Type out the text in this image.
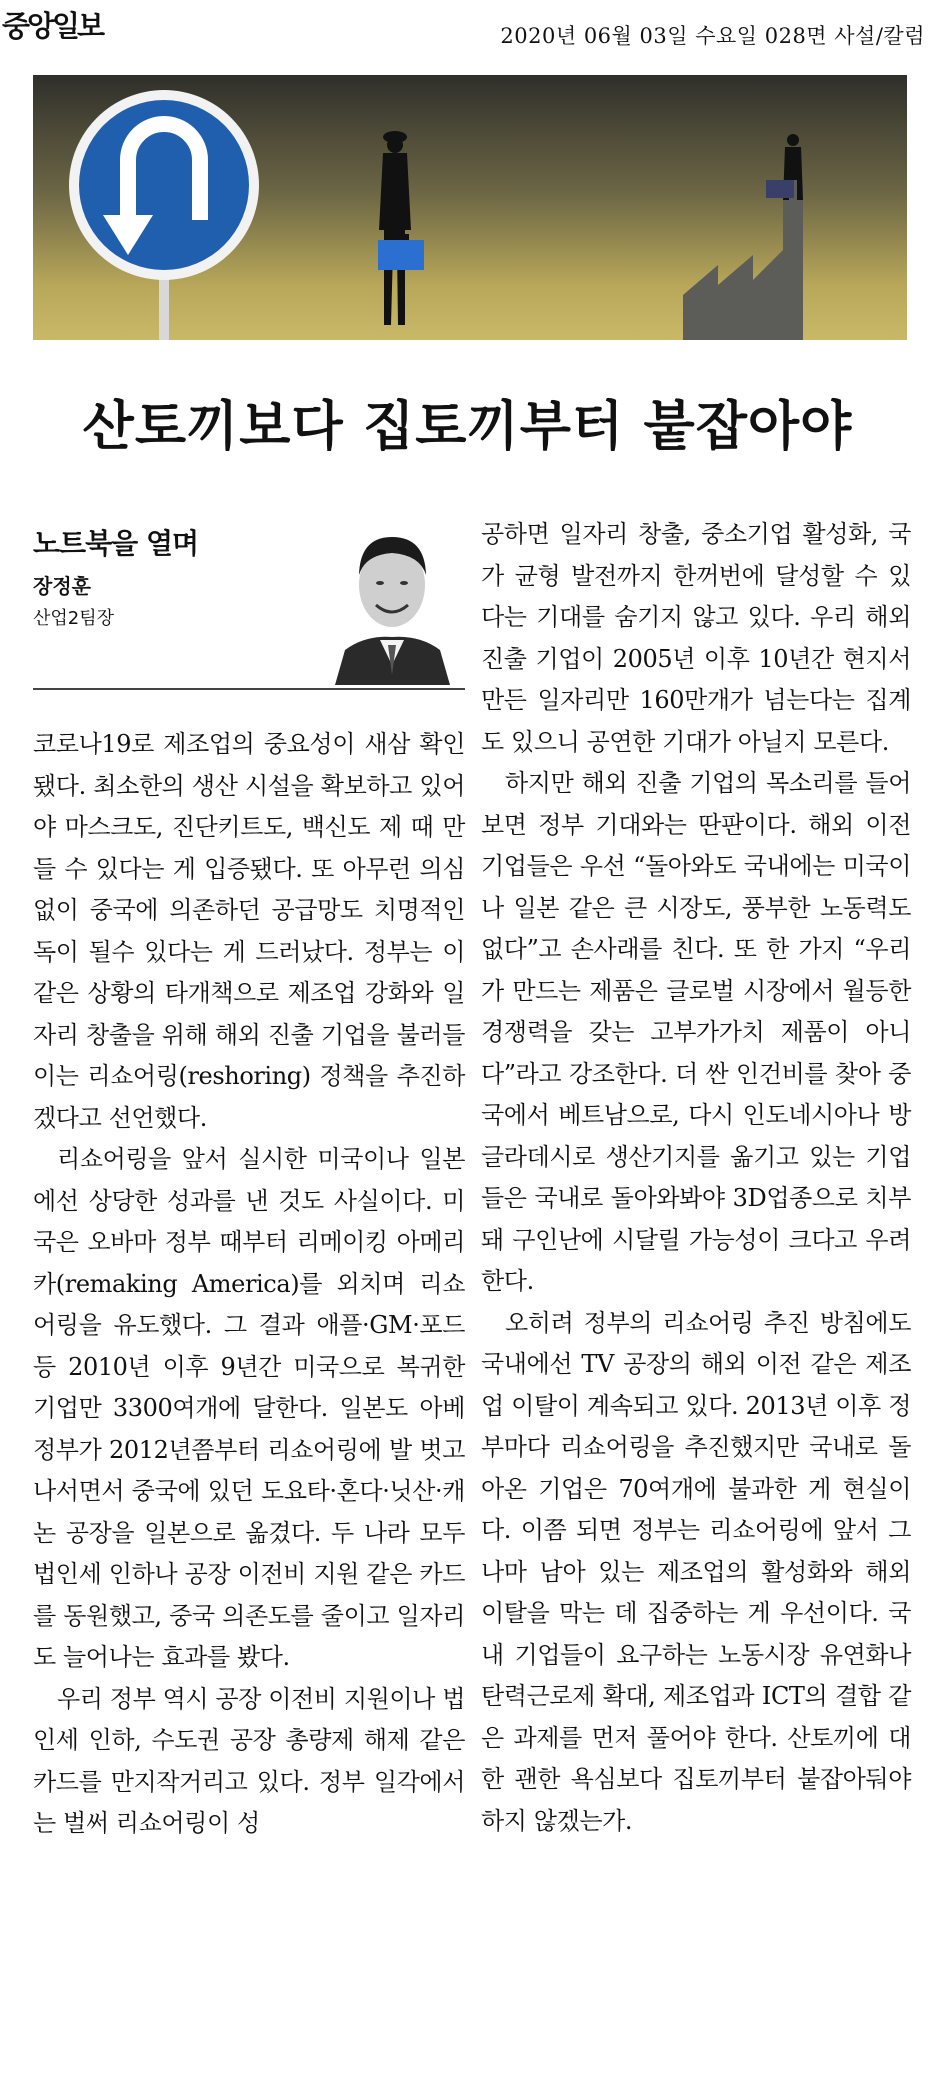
중앙일보	2020년 06월 03일 수요일 028면 사설/칼럼
산토끼보다 집토끼부터 붙잡아야
노트북을 열며
장정훈
산업2팀장

코로나19로 제조업의 중요성이 새삼 확인됐다. 최소한의 생산 시설을 확보하고 있어야 마스크도, 진단키트도, 백신도 제 때 만들 수 있다는 게 입증됐다. 또 아무런 의심 없이 중국에 의존하던 공급망도 치명적인 독이 될수 있다는 게 드러났다. 정부는 이같은 상황의 타개책으로 제조업 강화와 일자리 창출을 위해 해외 진출 기업을 불러들이는 리쇼어링(reshoring) 정책을 추진하겠다고 선언했다.

리쇼어링을 앞서 실시한 미국이나 일본에선 상당한 성과를 낸 것도 사실이다. 미국은 오바마 정부 때부터 리메이킹 아메리카(remaking America)를 외치며 리쇼어링을 유도했다. 그 결과 애플·GM·포드 등 2010년 이후 9년간 미국으로 복귀한 기업만 3300여개에 달한다. 일본도 아베 정부가 2012년쯤부터 리쇼어링에 발 벗고 나서면서 중국에 있던 도요타·혼다·닛산·캐논 공장을 일본으로 옮겼다. 두 나라 모두 법인세 인하나 공장 이전비 지원 같은 카드를 동원했고, 중국 의존도를 줄이고 일자리도 늘어나는 효과를 봤다.

우리 정부 역시 공장 이전비 지원이나 법인세 인하, 수도권 공장 총량제 해제 같은 카드를 만지작거리고 있다. 정부 일각에서는 벌써 리쇼어링이 성

공하면 일자리 창출, 중소기업 활성화, 국가 균형 발전까지 한꺼번에 달성할 수 있다는 기대를 숨기지 않고 있다. 우리 해외 진출 기업이 2005년 이후 10년간 현지서 만든 일자리만 160만개가 넘는다는 집계도 있으니 공연한 기대가 아닐지 모른다.

하지만 해외 진출 기업의 목소리를 들어보면 정부 기대와는 딴판이다. 해외 이전 기업들은 우선 “돌아와도 국내에는 미국이나 일본 같은 큰 시장도, 풍부한 노동력도 없다”고 손사래를 친다. 또 한 가지 “우리가 만드는 제품은 글로벌 시장에서 월등한 경쟁력을 갖는 고부가가치 제품이 아니다”라고 강조한다. 더 싼 인건비를 찾아 중국에서 베트남으로, 다시 인도네시아나 방글라데시로 생산기지를 옮기고 있는 기업들은 국내로 돌아와봐야 3D업종으로 치부돼 구인난에 시달릴 가능성이 크다고 우려한다.

오히려 정부의 리쇼어링 추진 방침에도 국내에선 TV 공장의 해외 이전 같은 제조업 이탈이 계속되고 있다. 2013년 이후 정부마다 리쇼어링을 추진했지만 국내로 돌아온 기업은 70여개에 불과한 게 현실이다. 이쯤 되면 정부는 리쇼어링에 앞서 그나마 남아 있는 제조업의 활성화와 해외 이탈을 막는 데 집중하는 게 우선이다. 국내 기업들이 요구하는 노동시장 유연화나 탄력근로제 확대, 제조업과 ICT의 결합 같은 과제를 먼저 풀어야 한다. 산토끼에 대한 괜한 욕심보다 집토끼부터 붙잡아둬야 하지 않겠는가.
